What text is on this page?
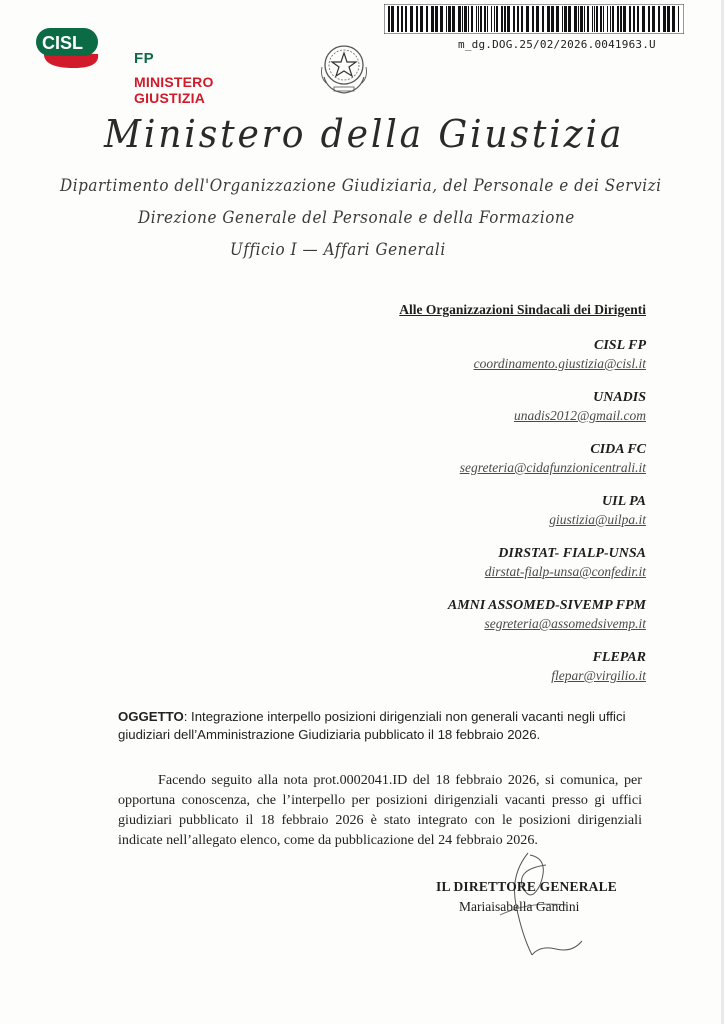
CISL
FP
MINISTERO GIUSTIZIA
m_dg.DOG.25/02/2026.0041963.U
Ministero della Giustizia
Dipartimento dell'Organizzazione Giudiziaria, del Personale e dei Servizi
Direzione Generale del Personale e della Formazione
Ufficio I — Affari Generali
Alle Organizzazioni Sindacali dei Dirigenti
CISL FP
coordinamento.giustizia@cisl.it
UNADIS
unadis2012@gmail.com
CIDA FC
segreteria@cidafunzionicentrali.it
UIL PA
giustizia@uilpa.it
DIRSTAT- FIALP-UNSA
dirstat-fialp-unsa@confedir.it
AMNI ASSOMED-SIVEMP FPM
segreteria@assomedsivemp.it
FLEPAR
flepar@virgilio.it
OGGETTO: Integrazione interpello posizioni dirigenziali non generali vacanti negli uffici giudiziari dell’Amministrazione Giudiziaria pubblicato il 18 febbraio 2026.
Facendo seguito alla nota prot.0002041.ID del 18 febbraio 2026, si comunica, per opportuna conoscenza, che l’interpello per posizioni dirigenziali vacanti presso gi uffici giudiziari pubblicato il 18 febbraio 2026 è stato integrato con le posizioni dirigenziali indicate nell’allegato elenco, come da pubblicazione del 24 febbraio 2026.
IL DIRETTORE GENERALE
Mariaisabella Gandini
